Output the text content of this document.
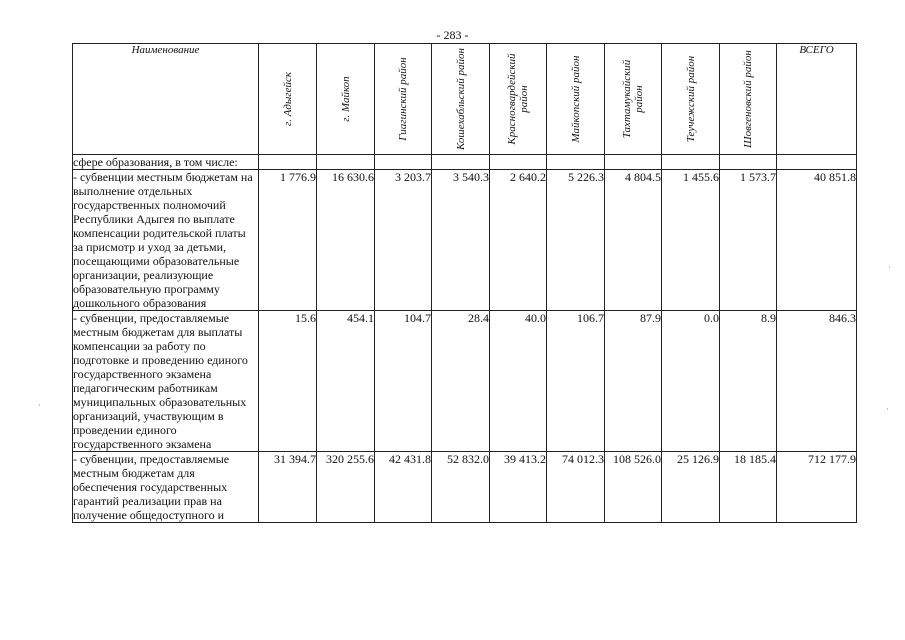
- 283 -
Наименование	г. Адыгейск	г. Майкоп	Гиагинский район	Кошехабльский район	Красногвардейский район	Майкопский район	Тахтамукайский район	Теучежский район	Шовгеновский район	ВСЕГО
сфере образования, в том числе:										
- субвенции местным бюджетам на выполнение отдельных государственных полномочий Республики Адыгея по выплате компенсации родительской платы за присмотр и уход за детьми, посещающими образовательные организации, реализующие образовательную программу дошкольного образования	1 776.9	16 630.6	3 203.7	3 540.3	2 640.2	5 226.3	4 804.5	1 455.6	1 573.7	40 851.8
- субвенции, предоставляемые местным бюджетам для выплаты компенсации за работу по подготовке и проведению единого государственного экзамена педагогическим работникам муниципальных образовательных организаций, участвующим в проведении единого государственного экзамена	15.6	454.1	104.7	28.4	40.0	106.7	87.9	0.0	8.9	846.3
- субвенции, предоставляемые местным бюджетам для обеспечения государственных гарантий реализации прав на получение общедоступного и	31 394.7	320 255.6	42 431.8	52 832.0	39 413.2	74 012.3	108 526.0	25 126.9	18 185.4	712 177.9
·
·
·
